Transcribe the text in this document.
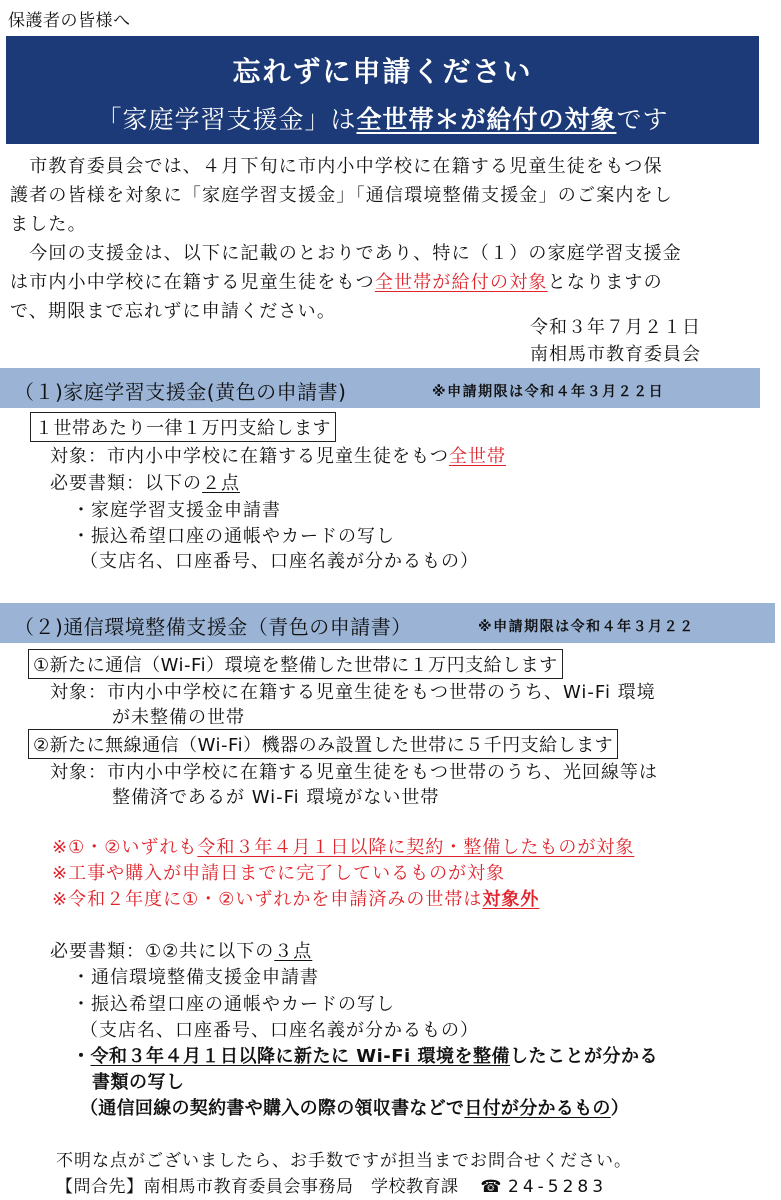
保護者の皆様へ
忘れずに申請ください
「家庭学習支援金」は全世帯＊が給付の対象です
　市教育委員会では、４月下旬に市内小中学校に在籍する児童生徒をもつ保
護者の皆様を対象に「家庭学習支援金」「通信環境整備支援金」のご案内をし
ました。
　今回の支援金は、以下に記載のとおりであり、特に（１）の家庭学習支援金
は市内小中学校に在籍する児童生徒をもつ全世帯が給付の対象となりますの
で、期限まで忘れずに申請ください。
令和３年７月２１日
南相馬市教育委員会
（１)家庭学習支援金(黄色の申請書)	※申請期限は令和４年３月２２日
１世帯あたり一律１万円支給します
対象：市内小中学校に在籍する児童生徒をもつ全世帯
必要書類：以下の２点
・家庭学習支援金申請書
・振込希望口座の通帳やカードの写し
（支店名、口座番号、口座名義が分かるもの）
（２)通信環境整備支援金（青色の申請書）	※申請期限は令和４年３月２２
①新たに通信（Wi-Fi）環境を整備した世帯に１万円支給します
対象：市内小中学校に在籍する児童生徒をもつ世帯のうち、Wi-Fi 環境
が未整備の世帯
②新たに無線通信（Wi-Fi）機器のみ設置した世帯に５千円支給します
対象：市内小中学校に在籍する児童生徒をもつ世帯のうち、光回線等は
整備済であるが Wi-Fi 環境がない世帯
※①・②いずれも令和３年４月１日以降に契約・整備したものが対象
※工事や購入が申請日までに完了しているものが対象
※令和２年度に①・②いずれかを申請済みの世帯は対象外
必要書類：①②共に以下の３点
・通信環境整備支援金申請書
・振込希望口座の通帳やカードの写し
（支店名、口座番号、口座名義が分かるもの）
・令和３年４月１日以降に新たに Wi-Fi 環境を整備したことが分かる
書類の写し
（通信回線の契約書や購入の際の領収書などで日付が分かるもの）
不明な点がございましたら、お手数ですが担当までお問合せください。
【問合先】南相馬市教育委員会事務局　学校教育課 ☎ 24-5283
